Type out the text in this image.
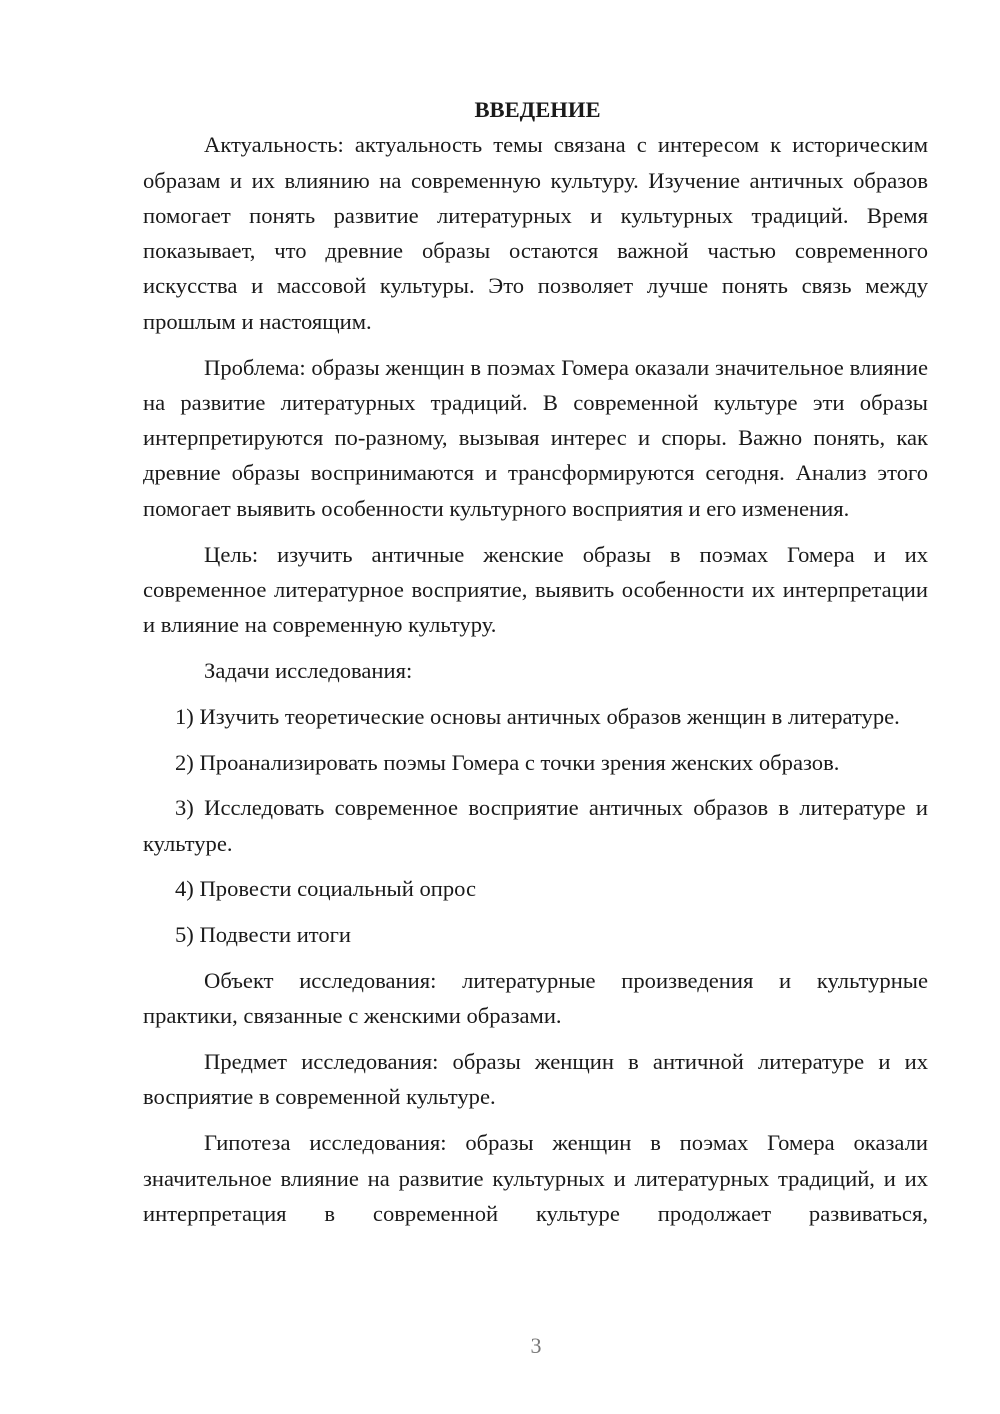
ВВЕДЕНИЕ

Актуальность: актуальность темы связана с интересом к историческим образам и их влиянию на современную культуру. Изучение античных образов помогает понять развитие литературных и культурных традиций. Время показывает, что древние образы остаются важной частью современного искусства и массовой культуры. Это позволяет лучше понять связь между прошлым и настоящим.

Проблема: образы женщин в поэмах Гомера оказали значительное влияние на развитие литературных традиций. В современной культуре эти образы интерпретируются по-разному, вызывая интерес и споры. Важно понять, как древние образы воспринимаются и трансформируются сегодня. Анализ этого помогает выявить особенности культурного восприятия и его изменения.

Цель: изучить античные женские образы в поэмах Гомера и их современное литературное восприятие, выявить особенности их интерпретации и влияние на современную культуру.

Задачи исследования:

1) Изучить теоретические основы античных образов женщин в литературе.

2) Проанализировать поэмы Гомера с точки зрения женских образов.

3) Исследовать современное восприятие античных образов в литературе и культуре.

4) Провести социальный опрос

5) Подвести итоги

Объект исследования: литературные произведения и культурные практики, связанные с женскими образами.

Предмет исследования: образы женщин в античной литературе и их восприятие в современной культуре.

Гипотеза исследования: образы женщин в поэмах Гомера оказали значительное влияние на развитие культурных и литературных традиций, и их интерпретация в современной культуре продолжает развиваться,

3
